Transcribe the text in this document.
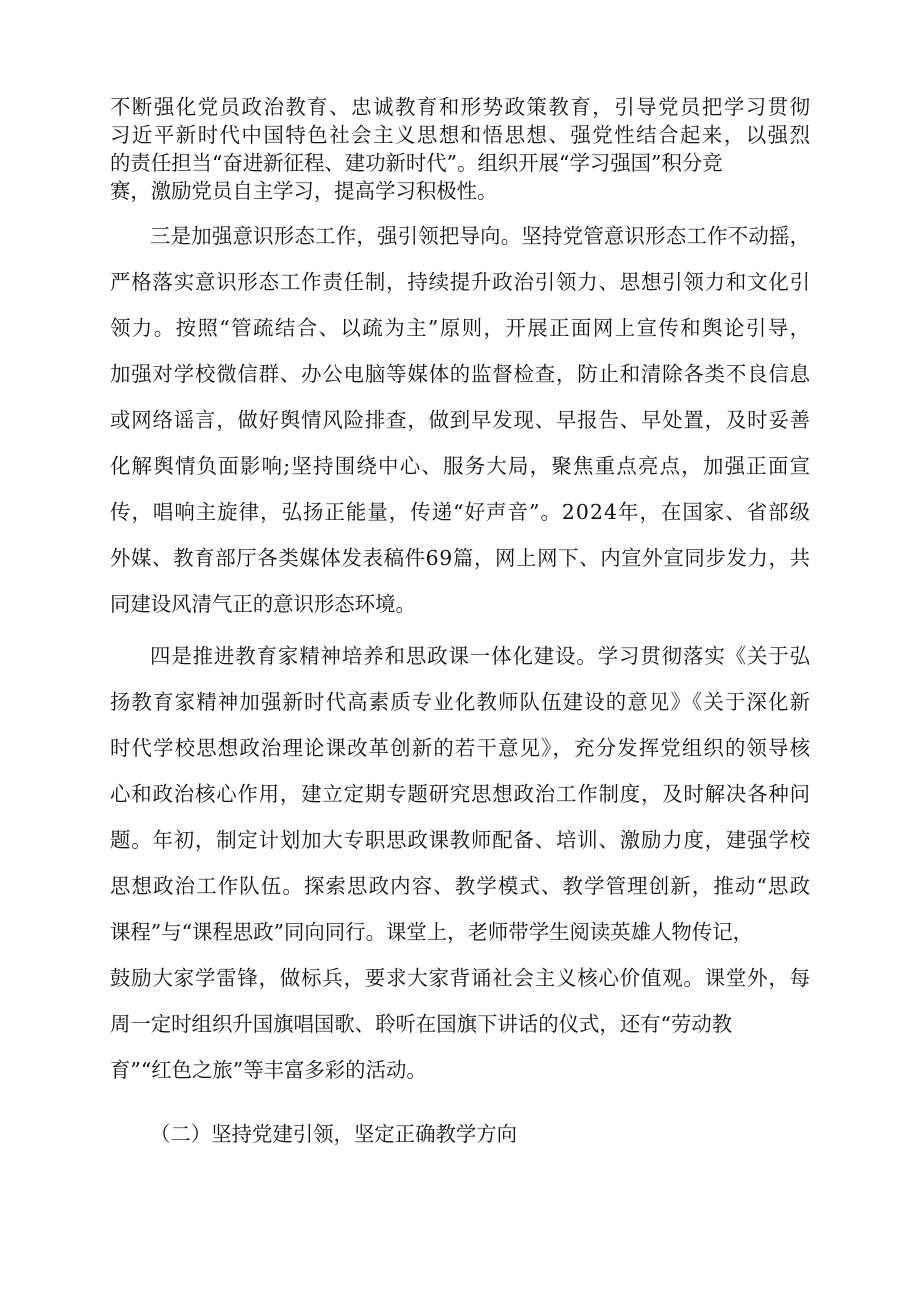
不断强化党员政治教育、忠诚教育和形势政策教育，引导党员把学习贯彻
习近平新时代中国特色社会主义思想和悟思想、强党性结合起来，以强烈
的责任担当“奋进新征程、建功新时代”。组织开展“学习强国”积分竞
赛，激励党员自主学习，提高学习积极性。
三是加强意识形态工作，强引领把导向。坚持党管意识形态工作不动摇，
严格落实意识形态工作责任制，持续提升政治引领力、思想引领力和文化引
领力。按照“管疏结合、以疏为主”原则，开展正面网上宣传和舆论引导，
加强对学校微信群、办公电脑等媒体的监督检查，防止和清除各类不良信息
或网络谣言，做好舆情风险排查，做到早发现、早报告、早处置，及时妥善
化解舆情负面影响;坚持围绕中心、服务大局，聚焦重点亮点，加强正面宣
传，唱响主旋律，弘扬正能量，传递“好声音”。2024年，在国家、省部级
外媒、教育部厅各类媒体发表稿件69篇，网上网下、内宣外宣同步发力，共
同建设风清气正的意识形态环境。
四是推进教育家精神培养和思政课一体化建设。学习贯彻落实《关于弘
扬教育家精神加强新时代高素质专业化教师队伍建设的意见》《关于深化新
时代学校思想政治理论课改革创新的若干意见》，充分发挥党组织的领导核
心和政治核心作用，建立定期专题研究思想政治工作制度，及时解决各种问
题。年初，制定计划加大专职思政课教师配备、培训、激励力度，建强学校
思想政治工作队伍。探索思政内容、教学模式、教学管理创新，推动“思政
课程”与“课程思政”同向同行。课堂上，老师带学生阅读英雄人物传记，
鼓励大家学雷锋，做标兵，要求大家背诵社会主义核心价值观。课堂外，每
周一定时组织升国旗唱国歌、聆听在国旗下讲话的仪式，还有“劳动教
育”“红色之旅”等丰富多彩的活动。
（二）坚持党建引领，坚定正确教学方向
